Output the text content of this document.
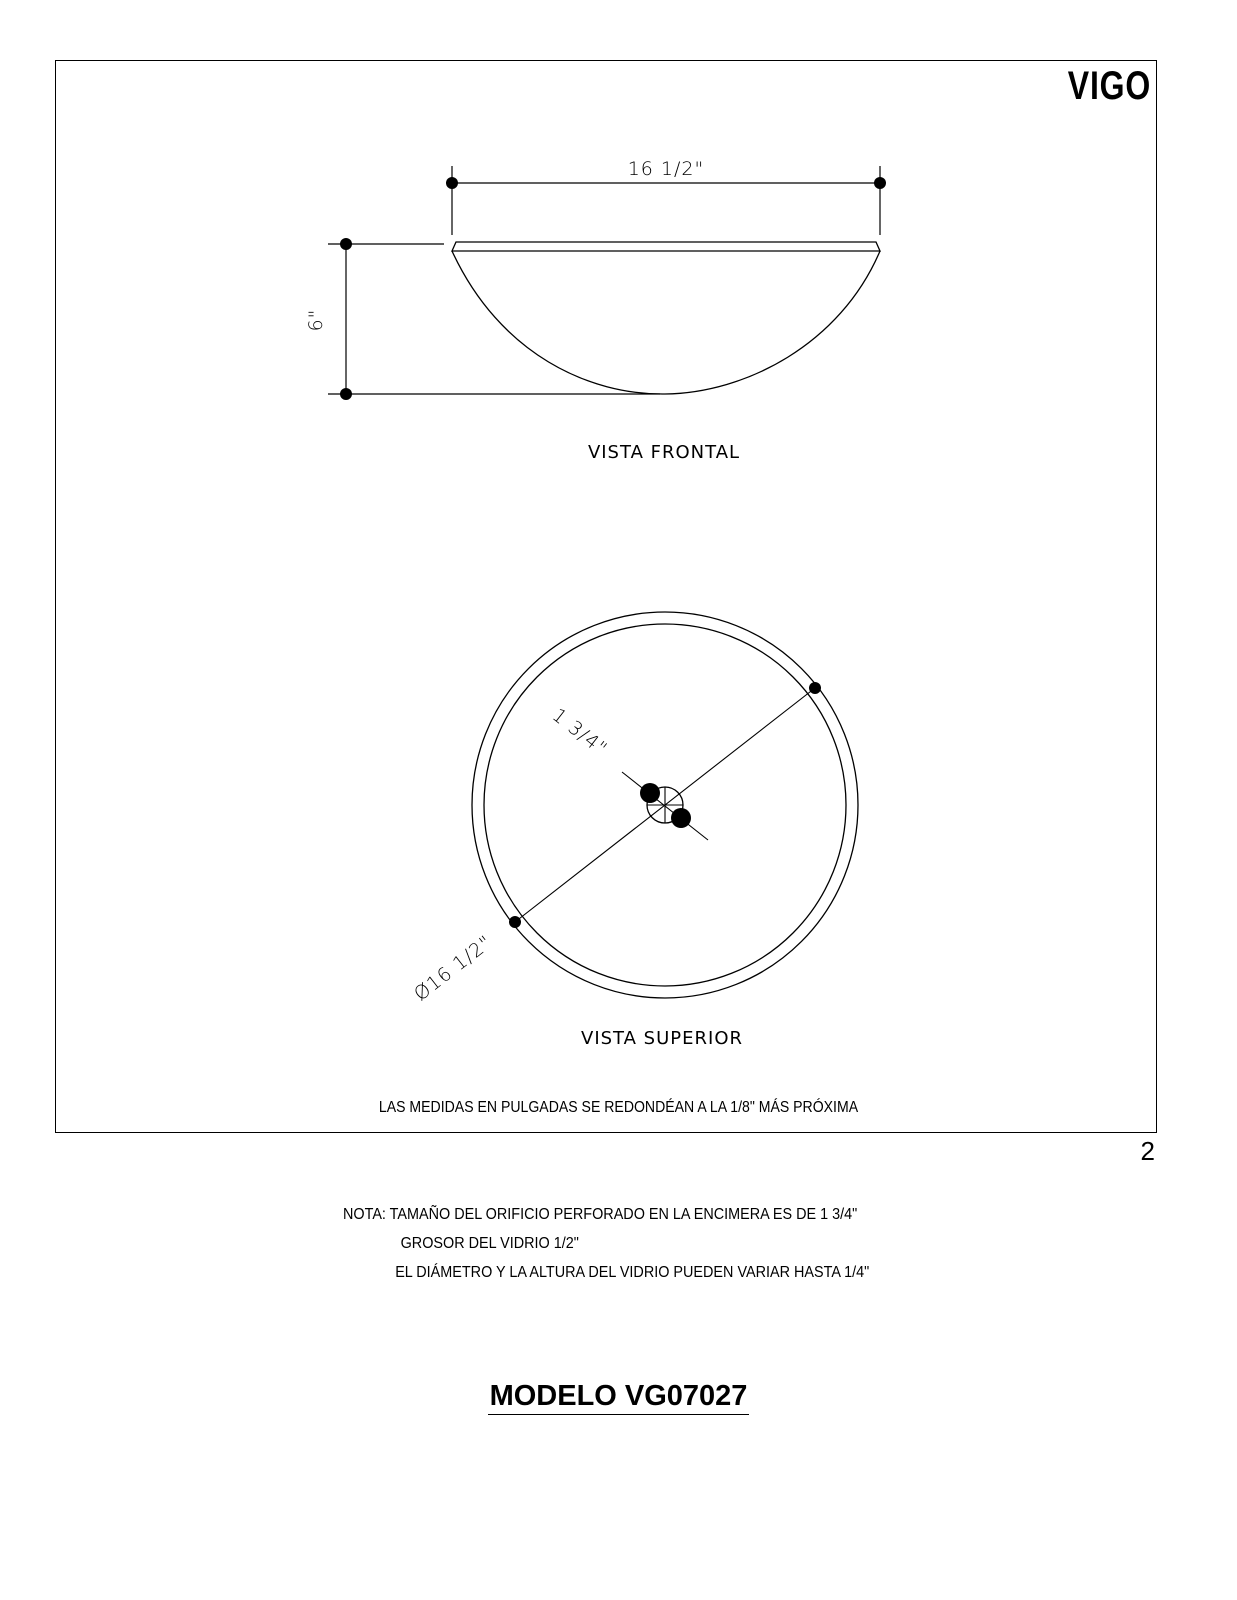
VIGO
16 1/2"
6"
1 3/4"
Ø16 1/2"
VISTA FRONTAL
VISTA SUPERIOR
NOTA: TAMAÑO DEL ORIFICIO PERFORADO EN LA ENCIMERA ES DE 1 3/4"
GROSOR DEL VIDRIO 1/2"
EL DIÁMETRO Y LA ALTURA DEL VIDRIO PUEDEN VARIAR HASTA 1/4"
MODELO VG07027
LAS MEDIDAS EN PULGADAS SE REDONDÉAN A LA 1/8" MÁS PRÓXIMA
2
